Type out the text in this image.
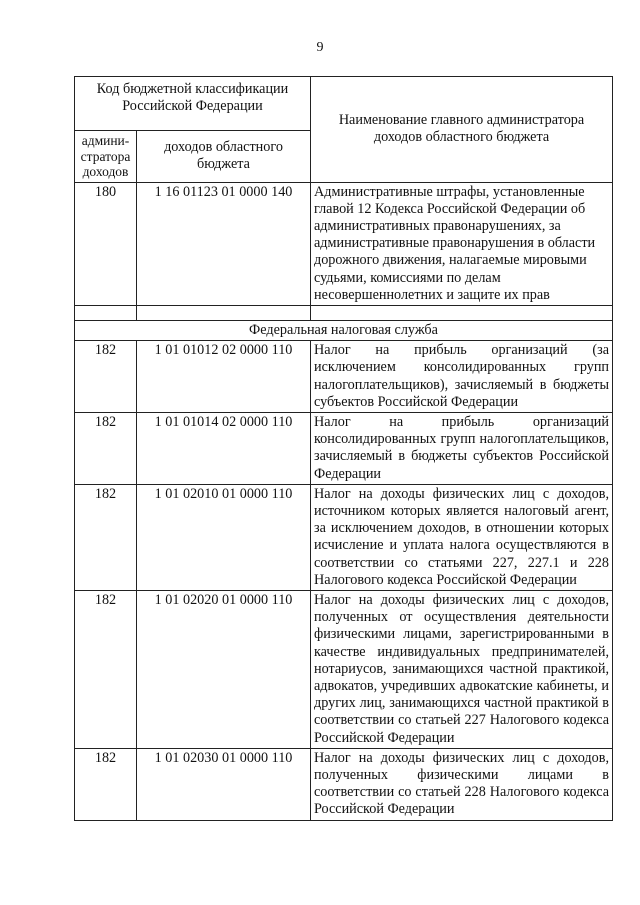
9
Код бюджетной классификации Российской Федерации		Наименование главного администратора доходов областного бюджета
админи-стратора доходов	доходов областного бюджета	
180	1 16 01123 01 0000 140	Административные штрафы, установленные главой 12 Кодекса Российской Федерации об административных правонарушениях, за административные правонарушения в области дорожного движения, налагаемые мировыми судьями, комиссиями по делам несовершеннолетних и защите их прав

Федеральная налоговая служба		
182	1 01 01012 02 0000 110	Налог на прибыль организаций (за исключением консолидированных групп налогоплательщиков), зачисляемый в бюджеты субъектов Российской Федерации
182	1 01 01014 02 0000 110	Налог на прибыль организаций консолидированных групп налогоплательщиков, зачисляемый в бюджеты субъектов Российской Федерации
182	1 01 02010 01 0000 110	Налог на доходы физических лиц с доходов, источником которых является налоговый агент, за исключением доходов, в отношении которых исчисление и уплата налога осуществляются в соответствии со статьями 227, 227.1 и 228 Налогового кодекса Российской Федерации
182	1 01 02020 01 0000 110	Налог на доходы физических лиц с доходов, полученных от осуществления деятельности физическими лицами, зарегистрированными в качестве индивидуальных предпринимателей, нотариусов, занимающихся частной практикой, адвокатов, учредивших адвокатские кабинеты, и других лиц, занимающихся частной практикой в соответствии со статьей 227 Налогового кодекса Российской Федерации
182	1 01 02030 01 0000 110	Налог на доходы физических лиц с доходов, полученных физическими лицами в соответствии со статьей 228 Налогового кодекса Российской Федерации
